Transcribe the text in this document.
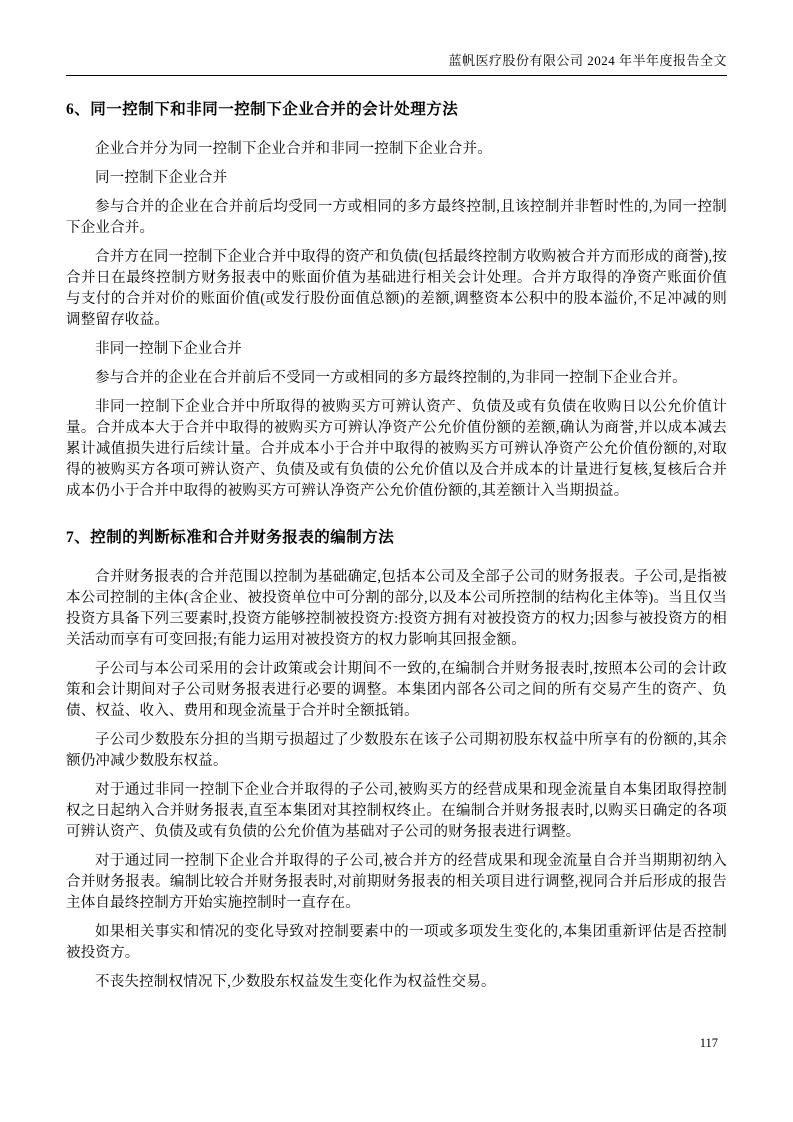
蓝帆医疗股份有限公司 2024 年半年度报告全文
6、同一控制下和非同一控制下企业合并的会计处理方法

企业合并分为同一控制下企业合并和非同一控制下企业合并。

同一控制下企业合并

参与合并的企业在合并前后均受同一方或相同的多方最终控制,且该控制并非暂时性的,为同一控制下企业合并。

合并方在同一控制下企业合并中取得的资产和负债(包括最终控制方收购被合并方而形成的商誉),按合并日在最终控制方财务报表中的账面价值为基础进行相关会计处理。合并方取得的净资产账面价值与支付的合并对价的账面价值(或发行股份面值总额)的差额,调整资本公积中的股本溢价,不足冲减的则调整留存收益。

非同一控制下企业合并

参与合并的企业在合并前后不受同一方或相同的多方最终控制的,为非同一控制下企业合并。

非同一控制下企业合并中所取得的被购买方可辨认资产、负债及或有负债在收购日以公允价值计量。合并成本大于合并中取得的被购买方可辨认净资产公允价值份额的差额,确认为商誉,并以成本减去累计减值损失进行后续计量。合并成本小于合并中取得的被购买方可辨认净资产公允价值份额的,对取得的被购买方各项可辨认资产、负债及或有负债的公允价值以及合并成本的计量进行复核,复核后合并成本仍小于合并中取得的被购买方可辨认净资产公允价值份额的,其差额计入当期损益。

7、控制的判断标准和合并财务报表的编制方法

合并财务报表的合并范围以控制为基础确定,包括本公司及全部子公司的财务报表。子公司,是指被本公司控制的主体(含企业、被投资单位中可分割的部分,以及本公司所控制的结构化主体等)。当且仅当投资方具备下列三要素时,投资方能够控制被投资方:投资方拥有对被投资方的权力;因参与被投资方的相关活动而享有可变回报;有能力运用对被投资方的权力影响其回报金额。

子公司与本公司采用的会计政策或会计期间不一致的,在编制合并财务报表时,按照本公司的会计政策和会计期间对子公司财务报表进行必要的调整。本集团内部各公司之间的所有交易产生的资产、负债、权益、收入、费用和现金流量于合并时全额抵销。

子公司少数股东分担的当期亏损超过了少数股东在该子公司期初股东权益中所享有的份额的,其余额仍冲减少数股东权益。

对于通过非同一控制下企业合并取得的子公司,被购买方的经营成果和现金流量自本集团取得控制权之日起纳入合并财务报表,直至本集团对其控制权终止。在编制合并财务报表时,以购买日确定的各项可辨认资产、负债及或有负债的公允价值为基础对子公司的财务报表进行调整。

对于通过同一控制下企业合并取得的子公司,被合并方的经营成果和现金流量自合并当期期初纳入合并财务报表。编制比较合并财务报表时,对前期财务报表的相关项目进行调整,视同合并后形成的报告主体自最终控制方开始实施控制时一直存在。

如果相关事实和情况的变化导致对控制要素中的一项或多项发生变化的,本集团重新评估是否控制被投资方。

不丧失控制权情况下,少数股东权益发生变化作为权益性交易。

117
